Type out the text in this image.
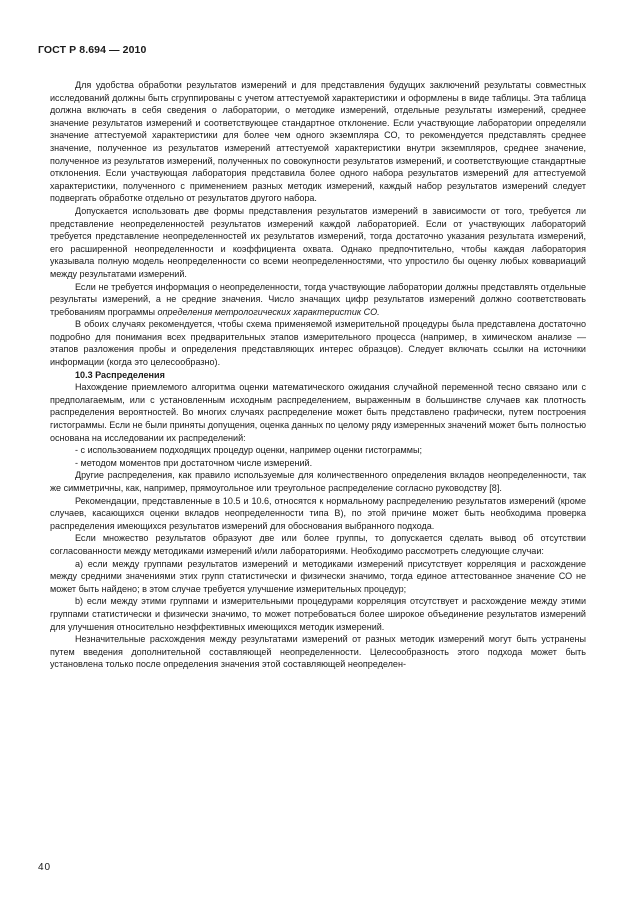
ГОСТ Р 8.694 — 2010

Для удобства обработки результатов измерений и для представления будущих заключений результаты совместных исследований должны быть сгруппированы с учетом аттестуемой характеристики и оформлены в виде таблицы. Эта таблица должна включать в себя сведения о лаборатории, о методике измерений, отдельные результаты измерений, среднее значение результатов измерений и соответствующее стандартное отклонение. Если участвующие лаборатории определяли значение аттестуемой характеристики для более чем одного экземпляра СО, то рекомендуется представлять среднее значение, полученное из результатов измерений аттестуемой характеристики внутри экземпляров, среднее значение, полученное из результатов измерений, полученных по совокупности результатов измерений, и соответствующие стандартные отклонения. Если участвующая лаборатория представила более одного набора результатов измерений для аттестуемой характеристики, полученного с применением разных методик измерений, каждый набор результатов измерений следует подвергать обработке отдельно от результатов другого набора.

Допускается использовать две формы представления результатов измерений в зависимости от того, требуется ли представление неопределенностей результатов измерений каждой лабораторией. Если от участвующих лабораторий требуется представление неопределенностей их результатов измерений, тогда достаточно указания результата измерений, его расширенной неопределенности и коэффициента охвата. Однако предпочтительно, чтобы каждая лаборатория указывала полную модель неопределенности со всеми неопределенностями, что упростило бы оценку любых коввариаций между результатами измерений.

Если не требуется информация о неопределенности, тогда участвующие лаборатории должны представлять отдельные результаты измерений, а не средние значения. Число значащих цифр результатов измерений должно соответствовать требованиям программы определения метрологических характеристик СО.

В обоих случаях рекомендуется, чтобы схема применяемой измерительной процедуры была представлена достаточно подробно для понимания всех предварительных этапов измерительного процесса (например, в химическом анализе — этапов разложения пробы и определения представляющих интерес образцов). Следует включать ссылки на источники информации (когда это целесообразно).

10.3 Распределения

Нахождение приемлемого алгоритма оценки математического ожидания случайной переменной тесно связано или с предполагаемым, или с установленным исходным распределением, выраженным в большинстве случаев как плотность распределения вероятностей. Во многих случаях распределение может быть представлено графически, путем построения гистограммы. Если не были приняты допущения, оценка данных по целому ряду измеренных значений может быть полностью основана на исследовании их распределений:

- с использованием подходящих процедур оценки, например оценки гистограммы;

- методом моментов при достаточном числе измерений.

Другие распределения, как правило используемые для количественного определения вкладов неопределенности, так же симметричны, как, например, прямоугольное или треугольное распределение согласно руководству [8].

Рекомендации, представленные в 10.5 и 10.6, относятся к нормальному распределению результатов измерений (кроме случаев, касающихся оценки вкладов неопределенности типа В), по этой причине может быть необходима проверка распределения имеющихся результатов измерений для обоснования выбранного подхода.

Если множество результатов образуют две или более группы, то допускается сделать вывод об отсутствии согласованности между методиками измерений и/или лабораториями. Необходимо рассмотреть следующие случаи:

а) если между группами результатов измерений и методиками измерений присутствует корреляция и расхождение между средними значениями этих групп статистически и физически значимо, тогда единое аттестованное значение СО не может быть найдено; в этом случае требуется улучшение измерительных процедур;

b) если между этими группами и измерительными процедурами корреляция отсутствует и расхождение между этими группами статистически и физически значимо, то может потребоваться более широкое объединение результатов измерений для улучшения относительно неэффективных имеющихся методик измерений.

Незначительные расхождения между результатами измерений от разных методик измерений могут быть устранены путем введения дополнительной составляющей неопределенности. Целесообразность этого подхода может быть установлена только после определения значения этой составляющей неопределен-

40
